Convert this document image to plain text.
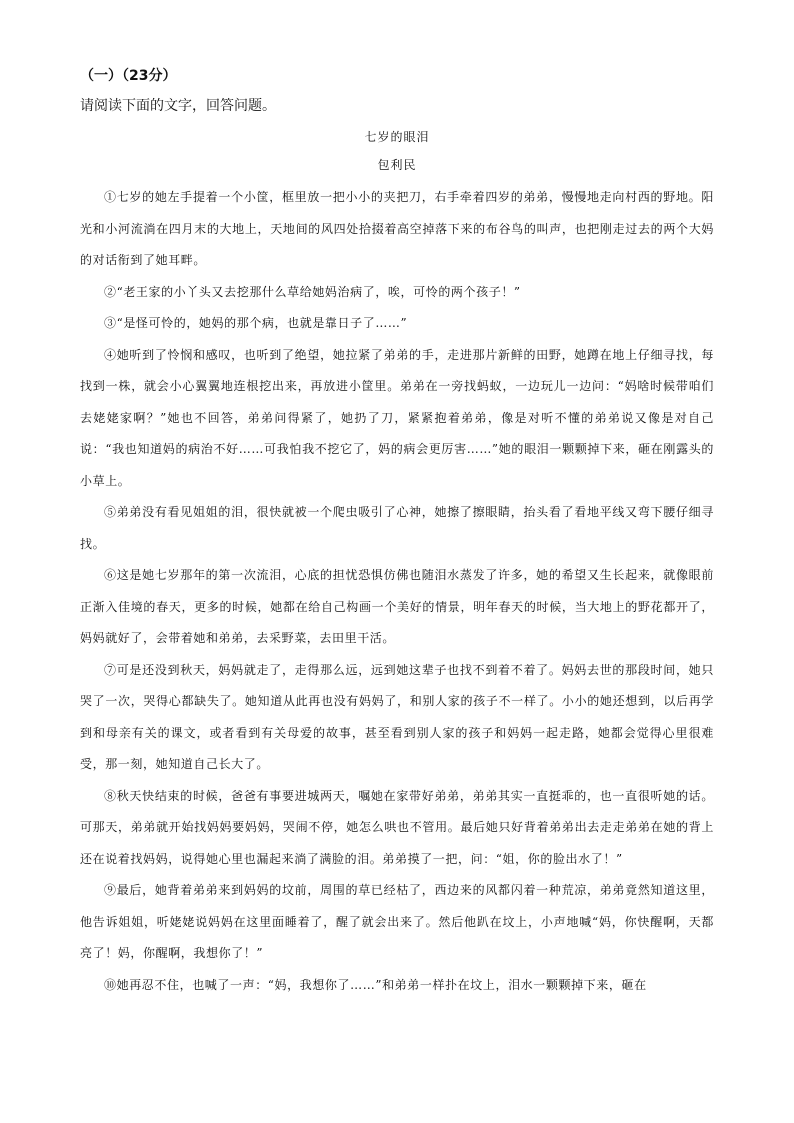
（一）（23分）

请阅读下面的文字，回答问题。

七岁的眼泪

包利民

①七岁的她左手提着一个小筐，框里放一把小小的夹把刀，右手牵着四岁的弟弟，慢慢地走向村西的野地。阳光和小河流淌在四月末的大地上，天地间的风四处拾掇着高空掉落下来的布谷鸟的叫声，也把刚走过去的两个大妈的对话衔到了她耳畔。

②“老王家的小丫头又去挖那什么草给她妈治病了，唉，可怜的两个孩子！”

③“是怪可怜的，她妈的那个病，也就是靠日子了……”

④她听到了怜悯和感叹，也听到了绝望，她拉紧了弟弟的手，走进那片新鲜的田野，她蹲在地上仔细寻找，每找到一株，就会小心翼翼地连根挖出来，再放进小筐里。弟弟在一旁找蚂蚁，一边玩儿一边问：“妈啥时候带咱们去姥姥家啊？”她也不回答，弟弟问得紧了，她扔了刀，紧紧抱着弟弟，像是对听不懂的弟弟说又像是对自己说：“我也知道妈的病治不好……可我怕我不挖它了，妈的病会更厉害……”她的眼泪一颗颗掉下来，砸在刚露头的小草上。

⑤弟弟没有看见姐姐的泪，很快就被一个爬虫吸引了心神，她擦了擦眼睛，抬头看了看地平线又弯下腰仔细寻找。

⑥这是她七岁那年的第一次流泪，心底的担忧恐惧仿佛也随泪水蒸发了许多，她的希望又生长起来，就像眼前正渐入佳境的春天，更多的时候，她都在给自己构画一个美好的情景，明年春天的时候，当大地上的野花都开了，妈妈就好了，会带着她和弟弟，去采野菜，去田里干活。

⑦可是还没到秋天，妈妈就走了，走得那么远，远到她这辈子也找不到着不着了。妈妈去世的那段时间，她只哭了一次，哭得心都缺失了。她知道从此再也没有妈妈了，和别人家的孩子不一样了。小小的她还想到，以后再学到和母亲有关的课文，或者看到有关母爱的故事，甚至看到别人家的孩子和妈妈一起走路，她都会觉得心里很难受，那一刻，她知道自己长大了。

⑧秋天快结束的时候，爸爸有事要进城两天，嘱她在家带好弟弟，弟弟其实一直挺乖的，也一直很听她的话。可那天，弟弟就开始找妈妈要妈妈，哭闹不停，她怎么哄也不管用。最后她只好背着弟弟出去走走弟弟在她的背上还在说着找妈妈，说得她心里也漏起来淌了满脸的泪。弟弟摸了一把，问：“姐，你的脸出水了！”

⑨最后，她背着弟弟来到妈妈的坟前，周围的草已经枯了，西边来的风都闪着一种荒凉，弟弟竟然知道这里，他告诉姐姐，听姥姥说妈妈在这里面睡着了，醒了就会出来了。然后他趴在坟上，小声地喊“妈，你快醒啊，天都亮了！妈，你醒啊，我想你了！”

⑩她再忍不住，也喊了一声：“妈，我想你了……”和弟弟一样扑在坟上，泪水一颗颗掉下来，砸在
